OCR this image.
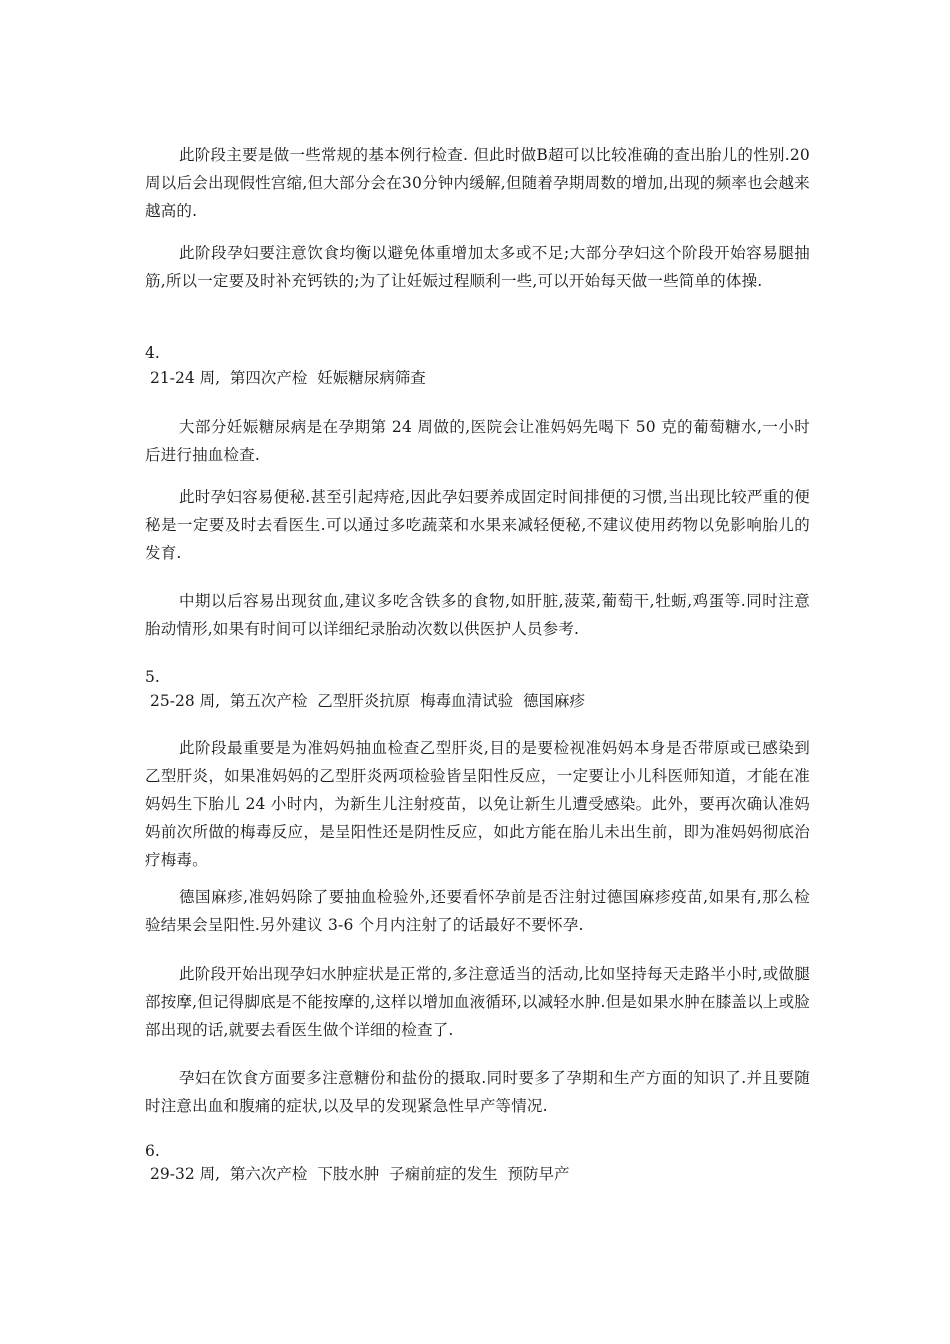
此阶段主要是做一些常规的基本例行检查. 但此时做B超可以比较准确的查出胎儿的性别.20周以后会出现假性宫缩,但大部分会在30分钟内缓解,但随着孕期周数的增加,出现的频率也会越来越高的.

此阶段孕妇要注意饮食均衡以避免体重增加太多或不足;大部分孕妇这个阶段开始容易腿抽筋,所以一定要及时补充钙铁的;为了让妊娠过程顺利一些,可以开始每天做一些简单的体操.

4.

21-24 周,  第四次产检  妊娠糖尿病筛查

大部分妊娠糖尿病是在孕期第 24 周做的,医院会让准妈妈先喝下 50 克的葡萄糖水,一小时后进行抽血检查.

此时孕妇容易便秘.甚至引起痔疮,因此孕妇要养成固定时间排便的习惯,当出现比较严重的便秘是一定要及时去看医生.可以通过多吃蔬菜和水果来减轻便秘,不建议使用药物以免影响胎儿的发育.

中期以后容易出现贫血,建议多吃含铁多的食物,如肝脏,菠菜,葡萄干,牡蛎,鸡蛋等.同时注意胎动情形,如果有时间可以详细纪录胎动次数以供医护人员参考.

5.

25-28 周,  第五次产检  乙型肝炎抗原  梅毒血清试验  德国麻疹

此阶段最重要是为准妈妈抽血检查乙型肝炎,目的是要检视准妈妈本身是否带原或已感染到乙型肝炎，如果准妈妈的乙型肝炎两项检验皆呈阳性反应，一定要让小儿科医师知道，才能在准妈妈生下胎儿 24 小时内，为新生儿注射疫苗，以免让新生儿遭受感染。此外，要再次确认准妈妈前次所做的梅毒反应，是呈阳性还是阴性反应，如此方能在胎儿未出生前，即为准妈妈彻底治疗梅毒。

德国麻疹,准妈妈除了要抽血检验外,还要看怀孕前是否注射过德国麻疹疫苗,如果有,那么检验结果会呈阳性.另外建议 3-6 个月内注射了的话最好不要怀孕.

此阶段开始出现孕妇水肿症状是正常的,多注意适当的活动,比如坚持每天走路半小时,或做腿部按摩,但记得脚底是不能按摩的,这样以增加血液循环,以减轻水肿.但是如果水肿在膝盖以上或脸部出现的话,就要去看医生做个详细的检查了.

孕妇在饮食方面要多注意糖份和盐份的摄取.同时要多了孕期和生产方面的知识了.并且要随时注意出血和腹痛的症状,以及早的发现紧急性早产等情况.

6.

29-32 周,  第六次产检  下肢水肿  子痫前症的发生  预防早产
